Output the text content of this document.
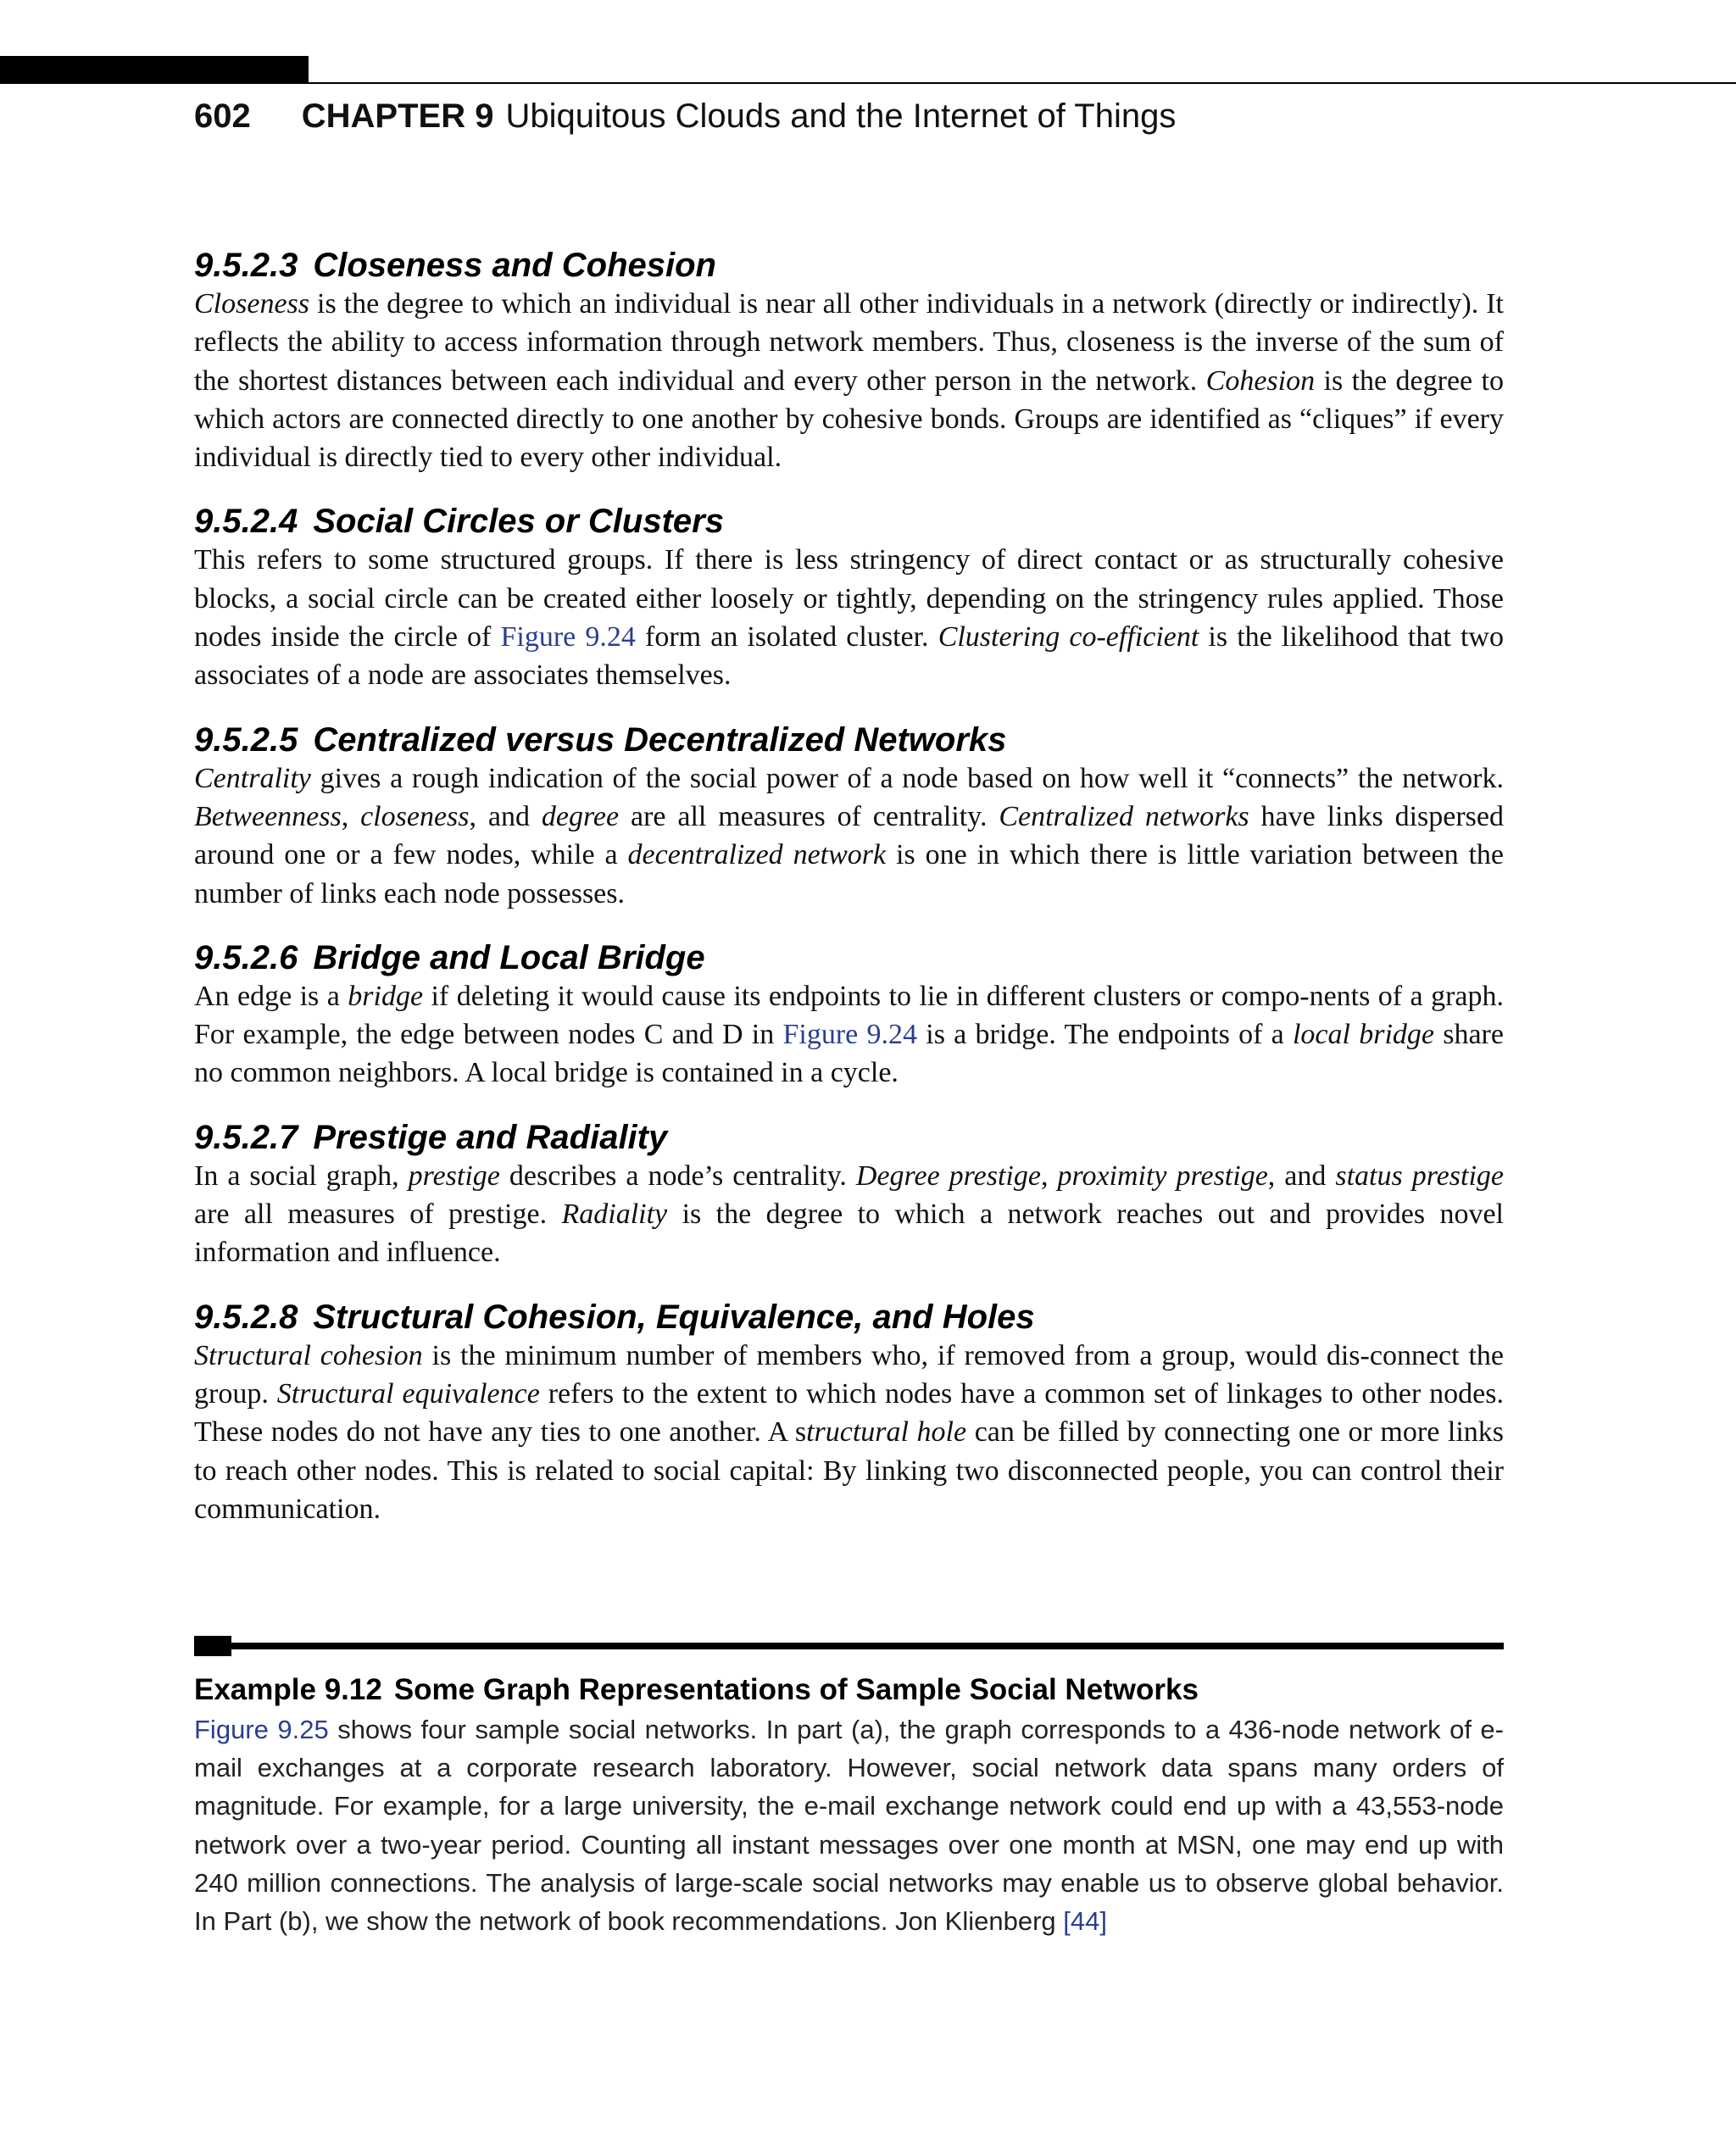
602 CHAPTER 9 Ubiquitous Clouds and the Internet of Things
9.5.2.3 Closeness and Cohesion

Closeness is the degree to which an individual is near all other individuals in a network (directly or indirectly). It reflects the ability to access information through network members. Thus, closeness is the inverse of the sum of the shortest distances between each individual and every other person in the network. Cohesion is the degree to which actors are connected directly to one another by cohesive bonds. Groups are identified as “cliques” if every individual is directly tied to every other individual.

9.5.2.4 Social Circles or Clusters

This refers to some structured groups. If there is less stringency of direct contact or as structurally cohesive blocks, a social circle can be created either loosely or tightly, depending on the stringency rules applied. Those nodes inside the circle of Figure 9.24 form an isolated cluster. Clustering co-efficient is the likelihood that two associates of a node are associates themselves.

9.5.2.5 Centralized versus Decentralized Networks

Centrality gives a rough indication of the social power of a node based on how well it “connects” the network. Betweenness, closeness, and degree are all measures of centrality. Centralized networks have links dispersed around one or a few nodes, while a decentralized network is one in which there is little variation between the number of links each node possesses.

9.5.2.6 Bridge and Local Bridge

An edge is a bridge if deleting it would cause its endpoints to lie in different clusters or compo-nents of a graph. For example, the edge between nodes C and D in Figure 9.24 is a bridge. The endpoints of a local bridge share no common neighbors. A local bridge is contained in a cycle.

9.5.2.7 Prestige and Radiality

In a social graph, prestige describes a node’s centrality. Degree prestige, proximity prestige, and status prestige are all measures of prestige. Radiality is the degree to which a network reaches out and provides novel information and influence.

9.5.2.8 Structural Cohesion, Equivalence, and Holes

Structural cohesion is the minimum number of members who, if removed from a group, would dis-connect the group. Structural equivalence refers to the extent to which nodes have a common set of linkages to other nodes. These nodes do not have any ties to one another. A structural hole can be filled by connecting one or more links to reach other nodes. This is related to social capital: By linking two disconnected people, you can control their communication.

Example 9.12 Some Graph Representations of Sample Social Networks

Figure 9.25 shows four sample social networks. In part (a), the graph corresponds to a 436-node network of e-mail exchanges at a corporate research laboratory. However, social network data spans many orders of magnitude. For example, for a large university, the e-mail exchange network could end up with a 43,553-node network over a two-year period. Counting all instant messages over one month at MSN, one may end up with 240 million connections. The analysis of large-scale social networks may enable us to observe global behavior. In Part (b), we show the network of book recommendations. Jon Klienberg [44]
